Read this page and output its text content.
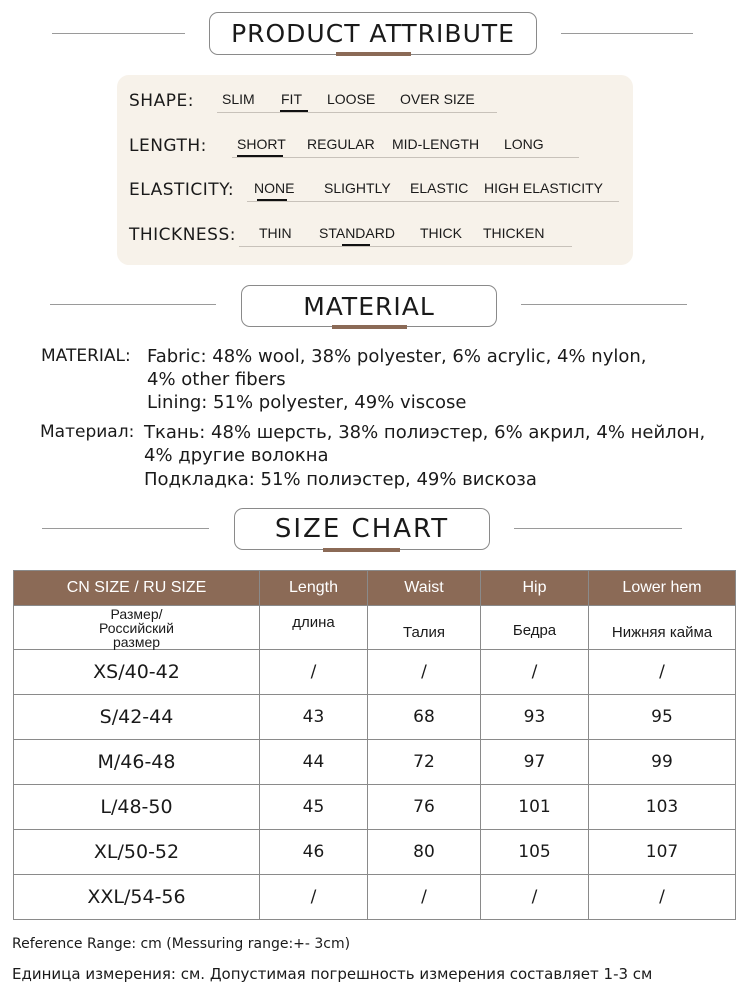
PRODUCT ATTRIBUTE
SHAPE: SLIM FIT LOOSE OVER SIZE
LENGTH: SHORT REGULAR MID-LENGTH LONG
ELASTICITY: NONE SLIGHTLY ELASTIC HIGH ELASTICITY
THICKNESS: THIN STANDARD THICK THICKEN
MATERIAL
MATERIAL: Fabric: 48% wool, 38% polyester, 6% acrylic, 4% nylon,
4% other fibers
Lining: 51% polyester, 49% viscose
Материал: Ткань: 48% шерсть, 38% полиэстер, 6% акрил, 4% нейлон,
4% другие волокна
Подкладка: 51% полиэстер, 49% вискоза
SIZE CHART
CN SIZE / RU SIZE	Length	Waist	Hip	Lower hem
Размер/Российский размер	длина	Талия	Бедра	Нижняя кайма
XS/40-42	/	/	/	/
S/42-44	43	68	93	95
M/46-48	44	72	97	99
L/48-50	45	76	101	103
XL/50-52	46	80	105	107
XXL/54-56	/	/	/	/
Reference Range: cm (Messuring range:+- 3cm)
Единица измерения: см. Допустимая погрешность измерения составляет 1-3 см
